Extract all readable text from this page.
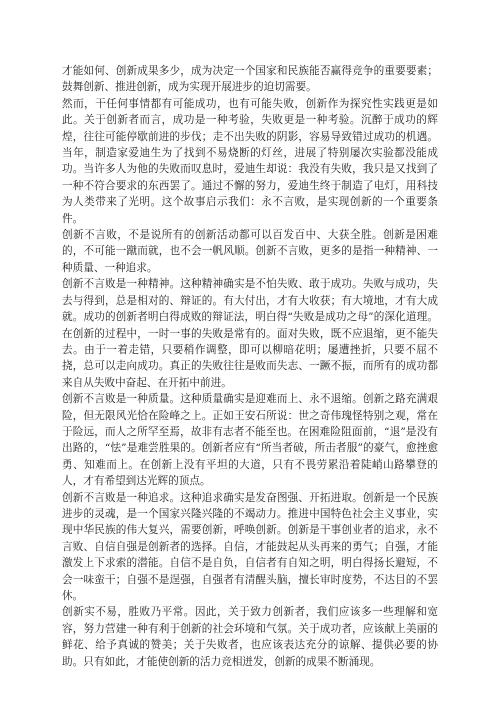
才能如何、创新成果多少，成为决定一个国家和民族能否赢得竞争的重要要素；鼓舞创新、推进创新，成为实现开展进步的迫切需要。

然而，干任何事情都有可能成功，也有可能失败，创新作为探究性实践更是如此。关于创新者而言，成功是一种考验，失败更是一种考验。沉醉于成功的辉煌，往往可能停歇前进的步伐；走不出失败的阴影，容易导致错过成功的机遇。当年，制造家爱迪生为了找到不易烧断的灯丝，进展了特别屡次实验都没能成功。当许多人为他的失败而叹息时，爱迪生却说：我没有失败，我只是又找到了一种不符合要求的东西罢了。通过不懈的努力，爱迪生终于制造了电灯，用科技为人类带来了光明。这个故事启示我们：永不言败，是实现创新的一个重要条件。

创新不言败，不是说所有的创新活动都可以百发百中、大获全胜。创新是困难的，不可能一蹴而就，也不会一帆风顺。创新不言败，更多的是指一种精神、一种质量、一种追求。

创新不言败是一种精神。这种精神确实是不怕失败、敢于成功。失败与成功，失去与得到，总是相对的、辩证的。有大付出，才有大收获；有大境地，才有大成就。成功的创新者明白得成败的辩证法，明白得“失败是成功之母”的深化道理。在创新的过程中，一时一事的失败是常有的。面对失败，既不应退缩，更不能失去。由于一着走错，只要稍作调整，即可以柳暗花明；屡遭挫折，只要不屈不挠，总可以走向成功。真正的失败往往是败而失志、一蹶不振，而所有的成功都来自从失败中奋起、在开拓中前进。

创新不言败是一种质量。这种质量确实是迎难而上、永不退缩。创新之路充满艰险，但无限风光恰在险峰之上。正如王安石所说：世之奇伟瑰怪特别之观，常在于险远，而人之所罕至焉，故非有志者不能至也。在困难险阻面前，“退”是没有出路的，“怯”是难尝胜果的。创新者应有“所当者破，所击者服”的豪气，愈挫愈勇、知难而上。在创新上没有平坦的大道，只有不畏劳累沿着陡峭山路攀登的人，才有希望到达光辉的顶点。

创新不言败是一种追求。这种追求确实是发奋图强、开拓进取。创新是一个民族进步的灵魂，是一个国家兴隆兴隆的不竭动力。推进中国特色社会主义事业，实现中华民族的伟大复兴，需要创新，呼唤创新。创新是干事创业者的追求，永不言败、自信自强是创新者的选择。自信，才能鼓起从头再来的勇气；自强，才能激发上下求索的潜能。自信不是自负，自信者有自知之明，明白得扬长避短，不会一味蛮干；自强不是逞强，自强者有清醒头脑，擅长审时度势，不达目的不罢休。

创新实不易，胜败乃平常。因此，关于致力创新者，我们应该多一些理解和宽容，努力营建一种有利于创新的社会环境和气氛。关于成功者，应该献上美丽的鲜花、给予真诚的赞美；关于失败者，也应该表达充分的谅解、提供必要的协助。只有如此，才能使创新的活力竞相迸发，创新的成果不断涌现。
